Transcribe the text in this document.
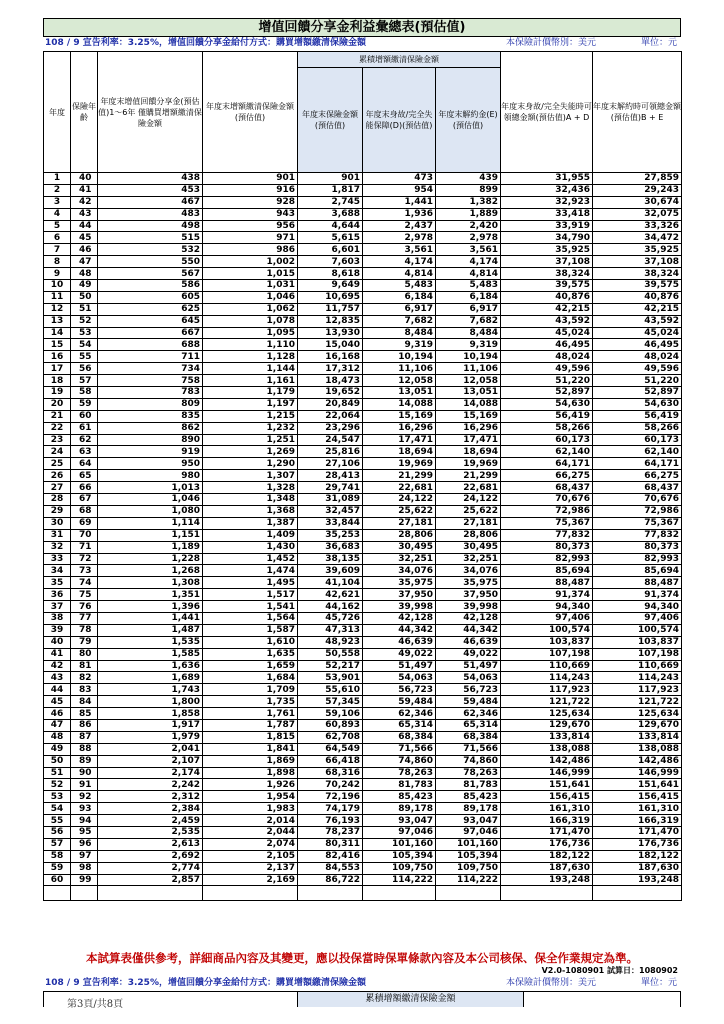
增值回饋分享金利益彙總表(預估值)
108 / 9 宣告利率：3.25%，增值回饋分享金給付方式：購買增額繳清保險金額	本保險計價幣別：美元	單位：元
年度	保險年齡	年度末增值回饋分享金(預估值)1～6年 僅購買增額繳清保險金額	年度末增額繳清保險金額(預估值)	累積增額繳清保險金額			年度末身故/完全失能時可領總金額(預估值)A + D	年度末解約時可領總金額(預估值)B + E
				年度末保險金額(預估值)	年度末身故/完全失能保障(D)(預估值)	年度末解約金(E)(預估值)		
1	40	438	901	901	473	439	31,955	27,859
2	41	453	916	1,817	954	899	32,436	29,243
3	42	467	928	2,745	1,441	1,382	32,923	30,674
4	43	483	943	3,688	1,936	1,889	33,418	32,075
5	44	498	956	4,644	2,437	2,420	33,919	33,326
6	45	515	971	5,615	2,978	2,978	34,790	34,472
7	46	532	986	6,601	3,561	3,561	35,925	35,925
8	47	550	1,002	7,603	4,174	4,174	37,108	37,108
9	48	567	1,015	8,618	4,814	4,814	38,324	38,324
10	49	586	1,031	9,649	5,483	5,483	39,575	39,575
11	50	605	1,046	10,695	6,184	6,184	40,876	40,876
12	51	625	1,062	11,757	6,917	6,917	42,215	42,215
13	52	645	1,078	12,835	7,682	7,682	43,592	43,592
14	53	667	1,095	13,930	8,484	8,484	45,024	45,024
15	54	688	1,110	15,040	9,319	9,319	46,495	46,495
16	55	711	1,128	16,168	10,194	10,194	48,024	48,024
17	56	734	1,144	17,312	11,106	11,106	49,596	49,596
18	57	758	1,161	18,473	12,058	12,058	51,220	51,220
19	58	783	1,179	19,652	13,051	13,051	52,897	52,897
20	59	809	1,197	20,849	14,088	14,088	54,630	54,630
21	60	835	1,215	22,064	15,169	15,169	56,419	56,419
22	61	862	1,232	23,296	16,296	16,296	58,266	58,266
23	62	890	1,251	24,547	17,471	17,471	60,173	60,173
24	63	919	1,269	25,816	18,694	18,694	62,140	62,140
25	64	950	1,290	27,106	19,969	19,969	64,171	64,171
26	65	980	1,307	28,413	21,299	21,299	66,275	66,275
27	66	1,013	1,328	29,741	22,681	22,681	68,437	68,437
28	67	1,046	1,348	31,089	24,122	24,122	70,676	70,676
29	68	1,080	1,368	32,457	25,622	25,622	72,986	72,986
30	69	1,114	1,387	33,844	27,181	27,181	75,367	75,367
31	70	1,151	1,409	35,253	28,806	28,806	77,832	77,832
32	71	1,189	1,430	36,683	30,495	30,495	80,373	80,373
33	72	1,228	1,452	38,135	32,251	32,251	82,993	82,993
34	73	1,268	1,474	39,609	34,076	34,076	85,694	85,694
35	74	1,308	1,495	41,104	35,975	35,975	88,487	88,487
36	75	1,351	1,517	42,621	37,950	37,950	91,374	91,374
37	76	1,396	1,541	44,162	39,998	39,998	94,340	94,340
38	77	1,441	1,564	45,726	42,128	42,128	97,406	97,406
39	78	1,487	1,587	47,313	44,342	44,342	100,574	100,574
40	79	1,535	1,610	48,923	46,639	46,639	103,837	103,837
41	80	1,585	1,635	50,558	49,022	49,022	107,198	107,198
42	81	1,636	1,659	52,217	51,497	51,497	110,669	110,669
43	82	1,689	1,684	53,901	54,063	54,063	114,243	114,243
44	83	1,743	1,709	55,610	56,723	56,723	117,923	117,923
45	84	1,800	1,735	57,345	59,484	59,484	121,722	121,722
46	85	1,858	1,761	59,106	62,346	62,346	125,634	125,634
47	86	1,917	1,787	60,893	65,314	65,314	129,670	129,670
48	87	1,979	1,815	62,708	68,384	68,384	133,814	133,814
49	88	2,041	1,841	64,549	71,566	71,566	138,088	138,088
50	89	2,107	1,869	66,418	74,860	74,860	142,486	142,486
51	90	2,174	1,898	68,316	78,263	78,263	146,999	146,999
52	91	2,242	1,926	70,242	81,783	81,783	151,641	151,641
53	92	2,312	1,954	72,196	85,423	85,423	156,415	156,415
54	93	2,384	1,983	74,179	89,178	89,178	161,310	161,310
55	94	2,459	2,014	76,193	93,047	93,047	166,319	166,319
56	95	2,535	2,044	78,237	97,046	97,046	171,470	171,470
57	96	2,613	2,074	80,311	101,160	101,160	176,736	176,736
58	97	2,692	2,105	82,416	105,394	105,394	182,122	182,122
59	98	2,774	2,137	84,553	109,750	109,750	187,630	187,630
60	99	2,857	2,169	86,722	114,222	114,222	193,248	193,248

本試算表僅供參考，詳細商品內容及其變更，應以投保當時保單條款內容及本公司核保、保全作業規定為準。
V2.0-1080901 試算日：1080902
108 / 9 宣告利率：3.25%，增值回饋分享金給付方式：購買增額繳清保險金額	本保險計價幣別：美元	單位：元
累積增額繳清保險金額
第3頁/共8頁
